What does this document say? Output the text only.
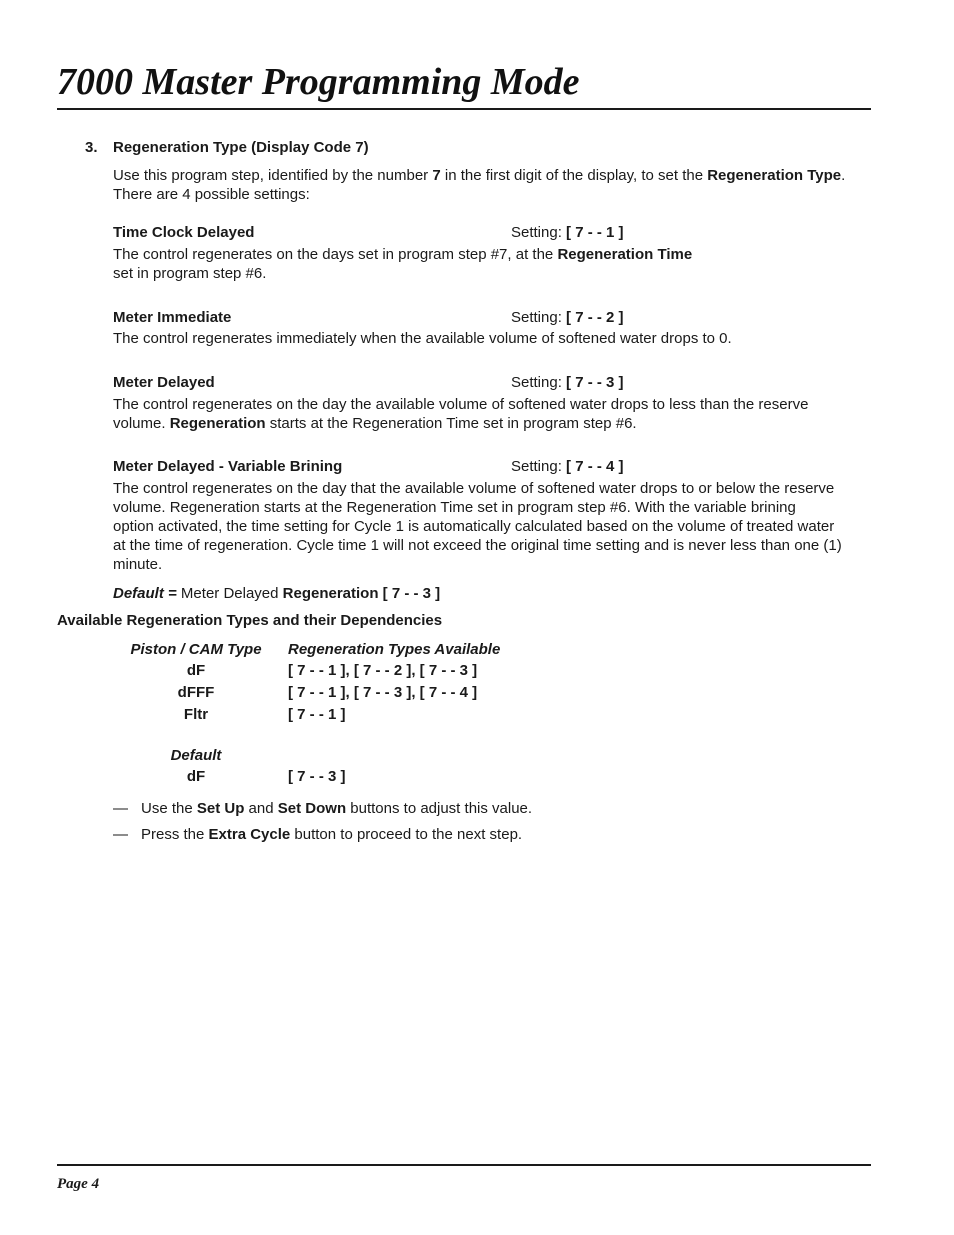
7000 Master Programming Mode
3. Regeneration Type (Display Code 7)
Use this program step, identified by the number 7 in the first digit of the display, to set the Regeneration Type.
There are 4 possible settings:
Time Clock Delayed	Setting: [ 7 - - 1 ]
The control regenerates on the days set in program step #7, at the Regeneration Time
set in program step #6.
Meter Immediate	Setting: [ 7 - - 2 ]
The control regenerates immediately when the available volume of softened water drops to 0.
Meter Delayed	Setting: [ 7 - - 3 ]
The control regenerates on the day the available volume of softened water drops to less than the reserve
volume. Regeneration starts at the Regeneration Time set in program step #6.
Meter Delayed - Variable Brining	Setting: [ 7 - - 4 ]
The control regenerates on the day that the available volume of softened water drops to or below the reserve
volume. Regeneration starts at the Regeneration Time set in program step #6. With the variable brining
option activated, the time setting for Cycle 1 is automatically calculated based on the volume of treated water
at the time of regeneration. Cycle time 1 will not exceed the original time setting and is never less than one (1)
minute.
Default = Meter Delayed Regeneration [ 7 - - 3 ]
Available Regeneration Types and their Dependencies
Piston / CAM Type	Regeneration Types Available
dF	[ 7 - - 1 ], [ 7 - - 2 ], [ 7 - - 3 ]
dFFF	[ 7 - - 1 ], [ 7 - - 3 ], [ 7 - - 4 ]
Fltr	[ 7 - - 1 ]
Default
dF	[ 7 - - 3 ]
— Use the Set Up and Set Down buttons to adjust this value.
— Press the Extra Cycle button to proceed to the next step.
Page 4
